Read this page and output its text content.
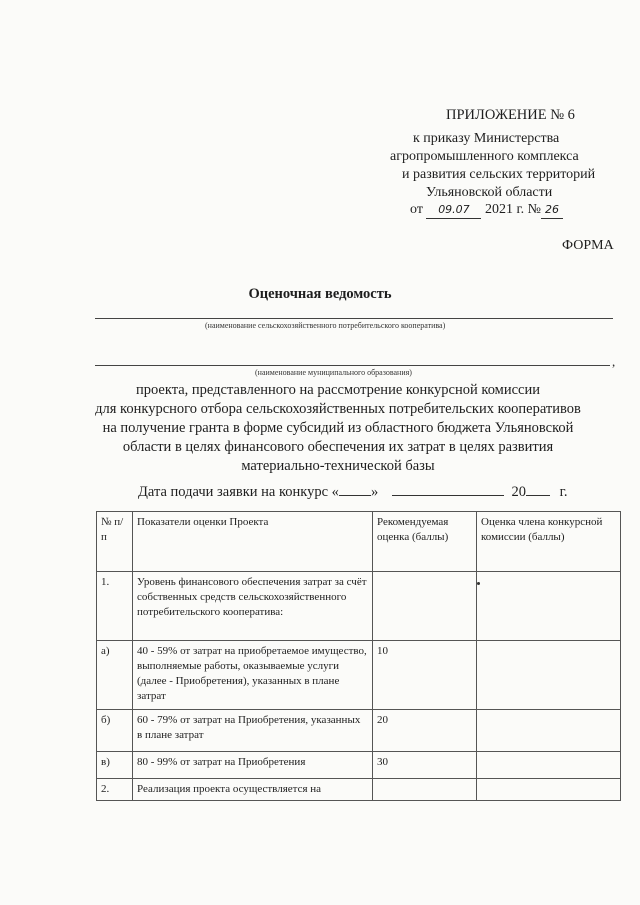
ПРИЛОЖЕНИЕ № 6
к приказу Министерства
агропромышленного комплекса
и развития сельских территорий
Ульяновской области
от 09.07 2021 г. № 26
ФОРМА
Оценочная ведомость
(наименование сельскохозяйственного потребительского кооператива)
,
(наименование муниципального образования)
проекта, представленного на рассмотрение конкурсной комиссии
для конкурсного отбора сельскохозяйственных потребительских кооперативов
на получение гранта в форме субсидий из областного бюджета Ульяновской
области в целях финансового обеспечения их затрат в целях развития
материально-технической базы
Дата подачи заявки на конкурс « »	20 г.
№ п/п	Показатели оценки Проекта	Рекомендуемая оценка (баллы)	Оценка члена конкурсной комиссии (баллы)
1.	Уровень финансового обеспечения затрат за счёт собственных средств сельскохозяйственного потребительского кооператива:		
а)	40 - 59% от затрат на приобретаемое имущество, выполняемые работы, оказываемые услуги (далее - Приобретения), указанных в плане затрат	10	
б)	60 - 79% от затрат на Приобретения, указанных в плане затрат	20	
в)	80 - 99% от затрат на Приобретения	30	
2.	Реализация проекта осуществляется на		
